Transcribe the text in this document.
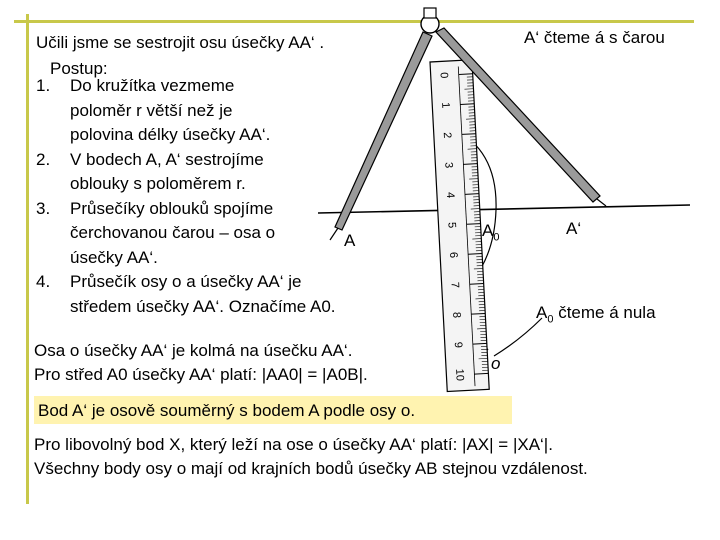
Učili jsme se sestrojit osu úsečky AA‘ .	A‘ čteme á s čarou
Postup:
1. Do kružítka vezmeme
poloměr r větší než je
polovina délky úsečky AA‘.
2. V bodech A, A‘ sestrojíme
oblouky s poloměrem r.
3. Průsečíky oblouků spojíme
čerchovanou čarou – osa o
úsečky AA‘.
4. Průsečík osy o a úsečky AA‘ je
středem úsečky AA‘. Označíme A0.
Osa o úsečky AA‘ je kolmá na úsečku AA‘.
Pro střed A0 úsečky AA‘ platí: |AA0| = |A0B|.
Bod A‘ je osově souměrný s bodem A podle osy o.
Pro libovolný bod X, který leží na ose o úsečky AA‘ platí: |AX| = |XA‘|.
Všechny body osy o mají od krajních bodů úsečky AB stejnou vzdálenost.
0
1
2
3
4
5
6
7
8
9
10
A
$A_0$	A‘
o
$A_0$ čteme á nula
